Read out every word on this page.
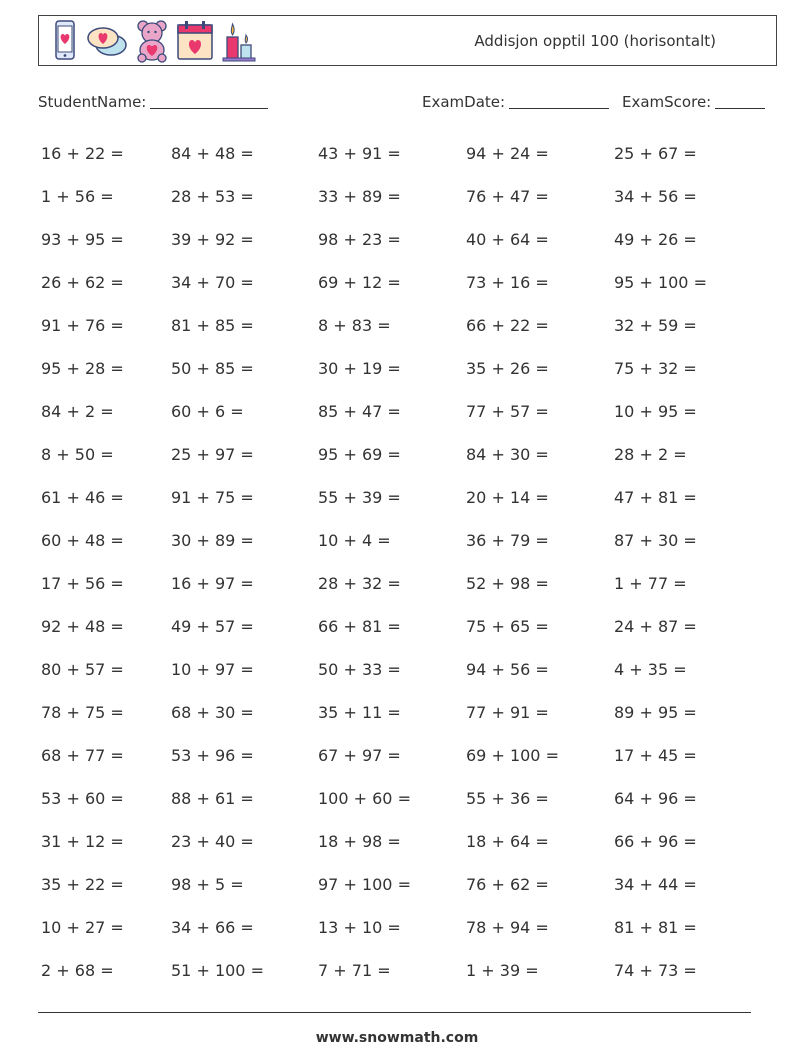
Addisjon opptil 100 (horisontalt)
StudentName:	ExamDate:	ExamScore:
16 + 22 =	84 + 48 =	43 + 91 =	94 + 24 =	25 + 67 =
1 + 56 =	28 + 53 =	33 + 89 =	76 + 47 =	34 + 56 =
93 + 95 =	39 + 92 =	98 + 23 =	40 + 64 =	49 + 26 =
26 + 62 =	34 + 70 =	69 + 12 =	73 + 16 =	95 + 100 =
91 + 76 =	81 + 85 =	8 + 83 =	66 + 22 =	32 + 59 =
95 + 28 =	50 + 85 =	30 + 19 =	35 + 26 =	75 + 32 =
84 + 2 =	60 + 6 =	85 + 47 =	77 + 57 =	10 + 95 =
8 + 50 =	25 + 97 =	95 + 69 =	84 + 30 =	28 + 2 =
61 + 46 =	91 + 75 =	55 + 39 =	20 + 14 =	47 + 81 =
60 + 48 =	30 + 89 =	10 + 4 =	36 + 79 =	87 + 30 =
17 + 56 =	16 + 97 =	28 + 32 =	52 + 98 =	1 + 77 =
92 + 48 =	49 + 57 =	66 + 81 =	75 + 65 =	24 + 87 =
80 + 57 =	10 + 97 =	50 + 33 =	94 + 56 =	4 + 35 =
78 + 75 =	68 + 30 =	35 + 11 =	77 + 91 =	89 + 95 =
68 + 77 =	53 + 96 =	67 + 97 =	69 + 100 =	17 + 45 =
53 + 60 =	88 + 61 =	100 + 60 =	55 + 36 =	64 + 96 =
31 + 12 =	23 + 40 =	18 + 98 =	18 + 64 =	66 + 96 =
35 + 22 =	98 + 5 =	97 + 100 =	76 + 62 =	34 + 44 =
10 + 27 =	34 + 66 =	13 + 10 =	78 + 94 =	81 + 81 =
2 + 68 =	51 + 100 =	7 + 71 =	1 + 39 =	74 + 73 =
www.snowmath.com
